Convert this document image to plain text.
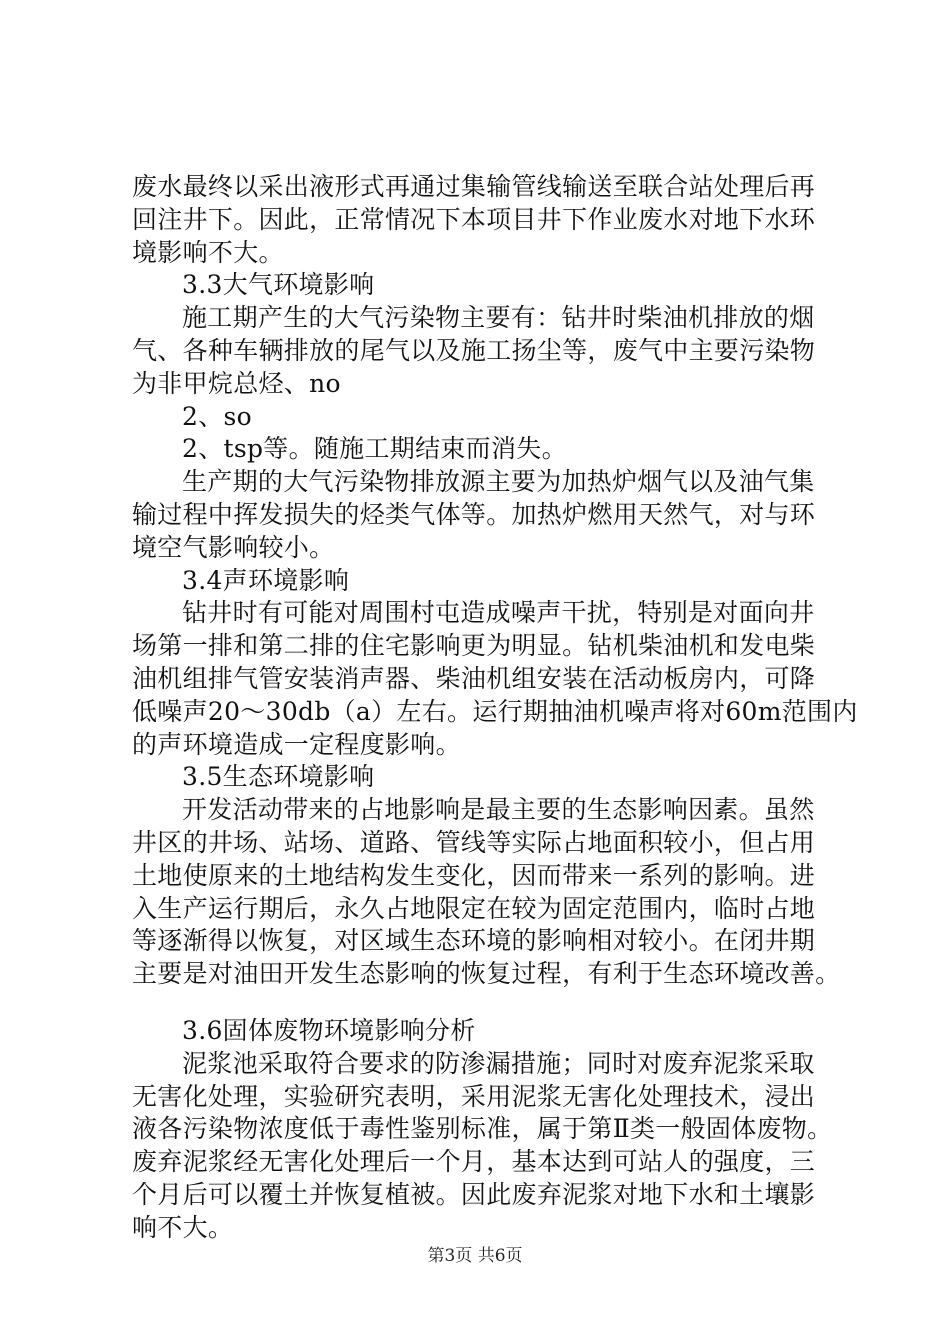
废水最终以采出液形式再通过集输管线输送至联合站处理后再
回注井下。因此，正常情况下本项目井下作业废水对地下水环
境影响不大。
3.3大气环境影响
施工期产生的大气污染物主要有：钻井时柴油机排放的烟
气、各种车辆排放的尾气以及施工扬尘等，废气中主要污染物
为非甲烷总烃、no
2、so
2、tsp等。随施工期结束而消失。
生产期的大气污染物排放源主要为加热炉烟气以及油气集
输过程中挥发损失的烃类气体等。加热炉燃用天然气，对与环
境空气影响较小。
3.4声环境影响
钻井时有可能对周围村屯造成噪声干扰，特别是对面向井
场第一排和第二排的住宅影响更为明显。钻机柴油机和发电柴
油机组排气管安装消声器、柴油机组安装在活动板房内，可降
低噪声20～30db（a）左右。运行期抽油机噪声将对60m范围内
的声环境造成一定程度影响。
3.5生态环境影响
开发活动带来的占地影响是最主要的生态影响因素。虽然
井区的井场、站场、道路、管线等实际占地面积较小，但占用
土地使原来的土地结构发生变化，因而带来一系列的影响。进
入生产运行期后，永久占地限定在较为固定范围内，临时占地
等逐渐得以恢复，对区域生态环境的影响相对较小。在闭井期
主要是对油田开发生态影响的恢复过程，有利于生态环境改善。
3.6固体废物环境影响分析
泥浆池采取符合要求的防渗漏措施；同时对废弃泥浆采取
无害化处理，实验研究表明，采用泥浆无害化处理技术，浸出
液各污染物浓度低于毒性鉴别标准，属于第Ⅱ类一般固体废物。
废弃泥浆经无害化处理后一个月，基本达到可站人的强度，三
个月后可以覆土并恢复植被。因此废弃泥浆对地下水和土壤影
响不大。
第3页 共6页
